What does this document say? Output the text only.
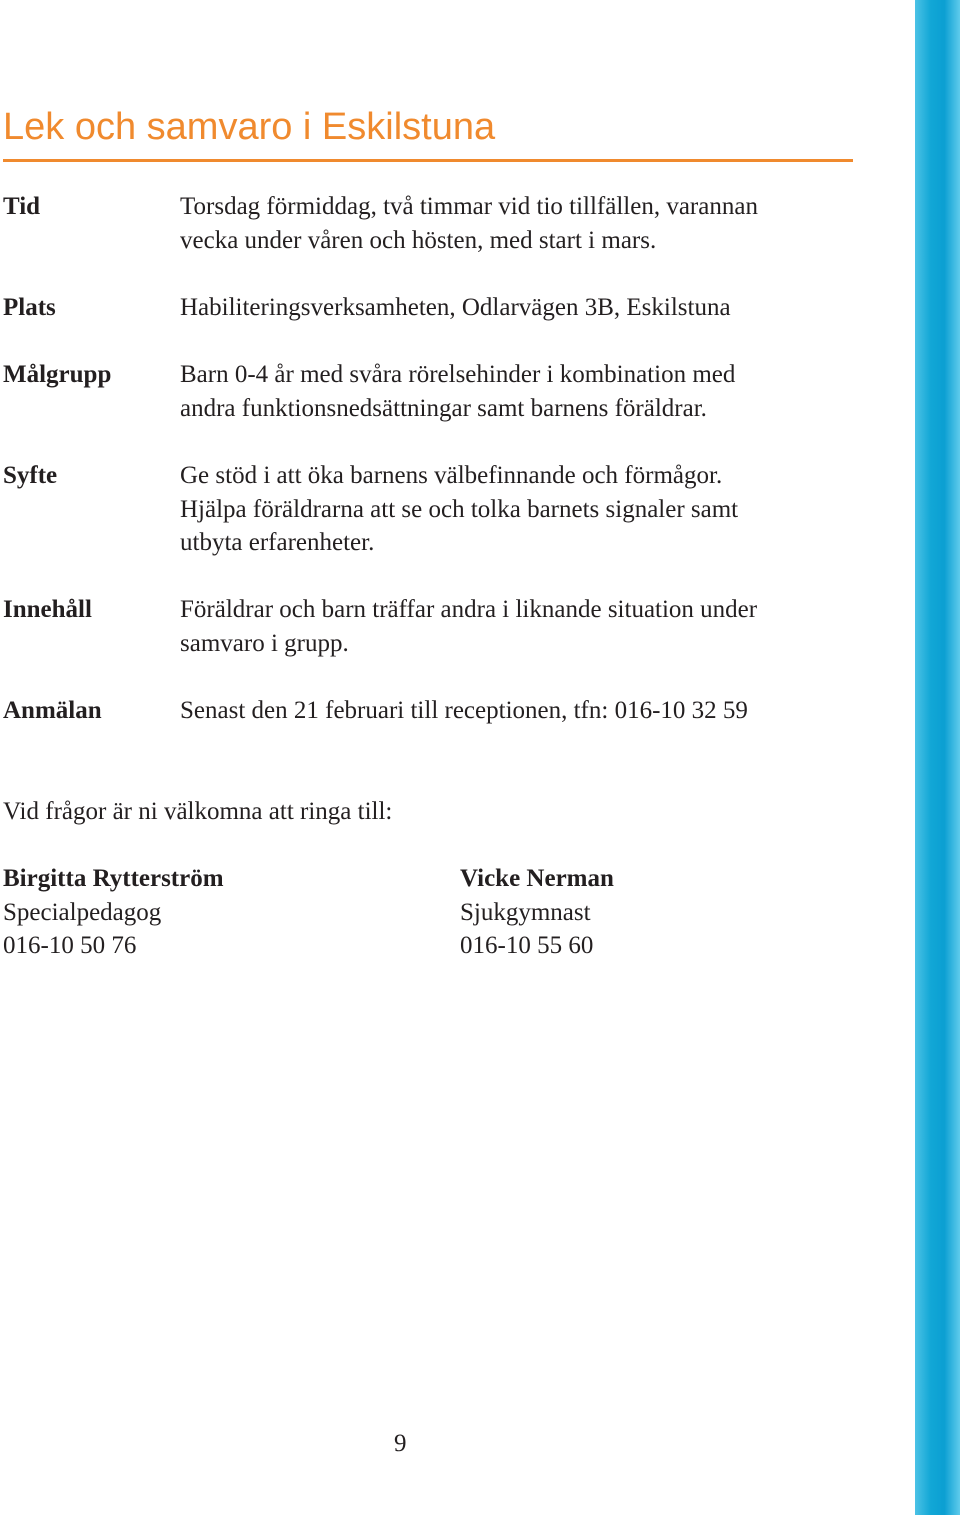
Lek och samvaro i Eskilstuna
Tid	Torsdag förmiddag, två timmar vid tio tillfällen, varannan
vecka under våren och hösten, med start i mars.
Plats	Habiliteringsverksamheten, Odlarvägen 3B, Eskilstuna
Målgrupp	Barn 0-4 år med svåra rörelsehinder i kombination med
andra funktionsnedsättningar samt barnens föräldrar.
Syfte	Ge stöd i att öka barnens välbefinnande och förmågor.
Hjälpa föräldrarna att se och tolka barnets signaler samt
utbyta erfarenheter.
Innehåll	Föräldrar och barn träffar andra i liknande situation under
samvaro i grupp.
Anmälan	Senast den 21 februari till receptionen, tfn: 016-10 32 59
Vid frågor är ni välkomna att ringa till:
Birgitta Rytterström
Specialpedagog
016-10 50 76
Vicke Nerman
Sjukgymnast
016-10 55 60
9
